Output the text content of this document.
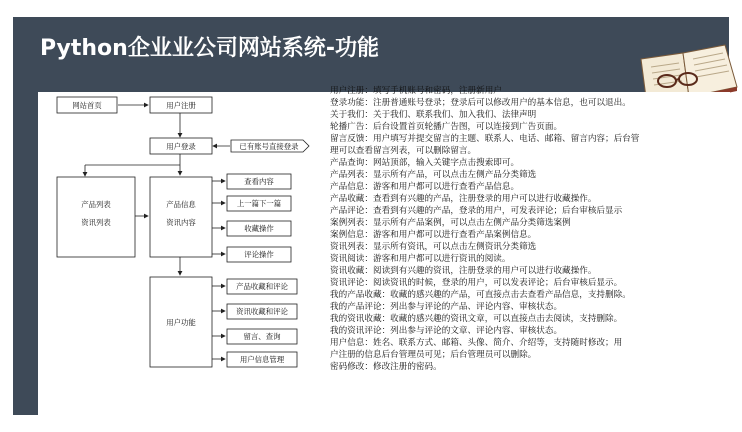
Python企业业公司网站系统-功能
网站首页	用户注册
用户登录	已有账号直接登录
产品列表
资讯列表
产品信息
资讯内容
查看内容
上一篇下一篇
收藏操作
评论操作
用户功能
产品收藏和评论
资讯收藏和评论
留言、查询
用户信息管理
用户注册：填写手机账号和密码，注册新用户
登录功能：注册普通账号登录；登录后可以修改用户的基本信息，也可以退出。
关于我们：关于我们、联系我们、加入我们、法律声明
轮播广告：后台设置首页轮播广告图，可以连接到广告页面。
留言反馈：用户填写并提交留言的主题、联系人、电话、邮箱、留言内容；后台管
理可以查看留言列表，可以删除留言。
产品查询：网站顶部，输入关键字点击搜索即可。
产品列表：显示所有产品，可以点击左侧产品分类筛选
产品信息：游客和用户都可以进行查看产品信息。
产品收藏：查看到有兴趣的产品，注册登录的用户可以进行收藏操作。
产品评论：查看到有兴趣的产品，登录的用户，可发表评论；后台审核后显示
案例列表：显示所有产品案例，可以点击左侧产品分类筛选案例
案例信息：游客和用户都可以进行查看产品案例信息。
资讯列表：显示所有资讯，可以点击左侧资讯分类筛选
资讯阅读：游客和用户都可以进行资讯的阅读。
资讯收藏：阅读到有兴趣的资讯，注册登录的用户可以进行收藏操作。
资讯评论：阅读资讯的时候，登录的用户，可以发表评论；后台审核后显示。
我的产品收藏：收藏的感兴趣的产品，可直接点击去查看产品信息，支持删除。
我的产品评论：列出参与评论的产品、评论内容、审核状态。
我的资讯收藏：收藏的感兴趣的资讯文章，可以直接点击去阅读，支持删除。
我的资讯评论：列出参与评论的文章、评论内容、审核状态。
用户信息：姓名、联系方式、邮箱、头像、简介、介绍等，支持随时修改；用
户注册的信息后台管理员可见；后台管理员可以删除。
密码修改：修改注册的密码。
CSDN @黄菊华老师
